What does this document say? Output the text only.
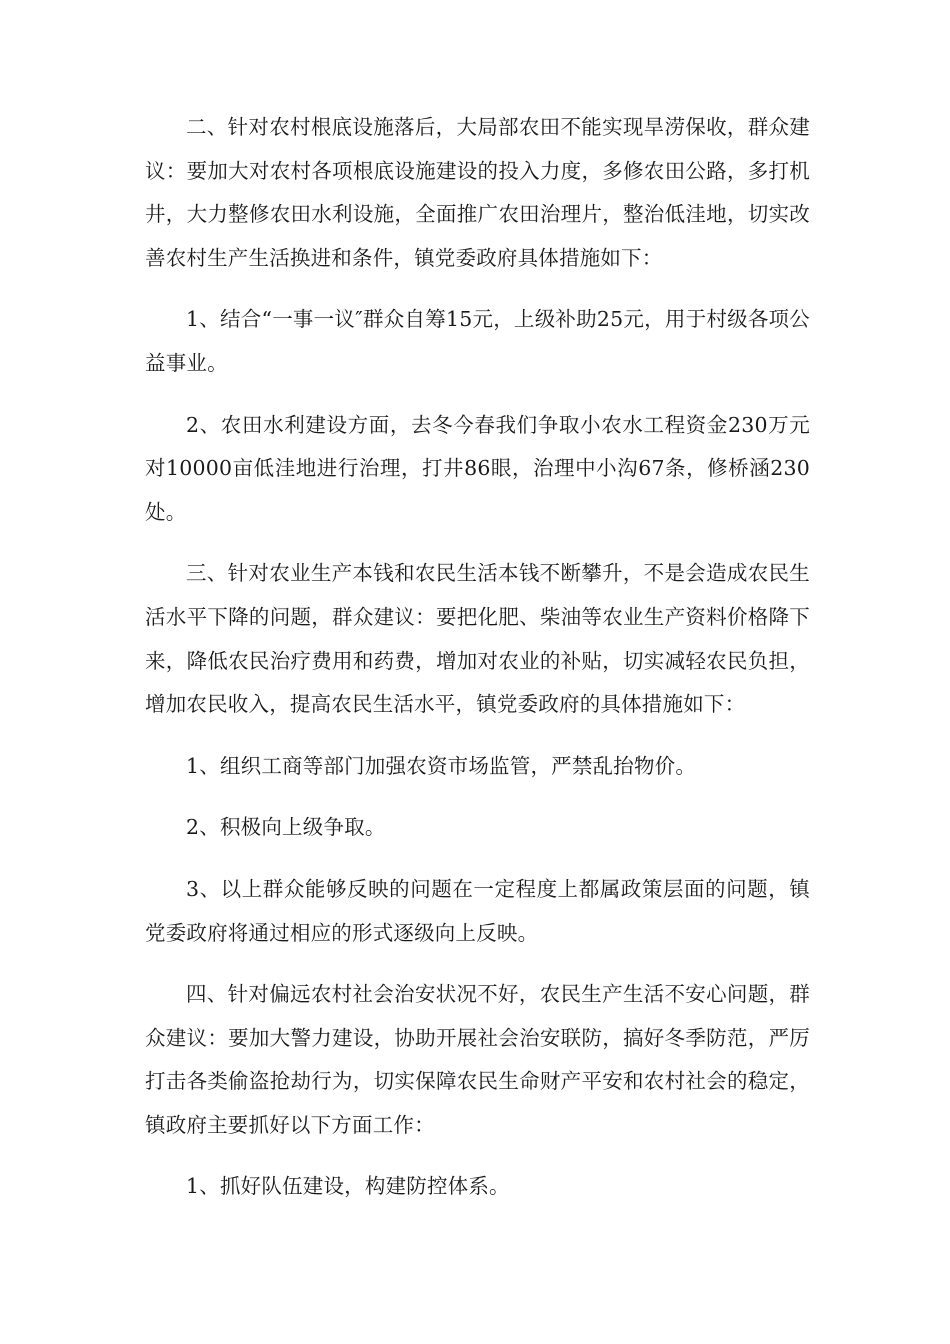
二、针对农村根底设施落后，大局部农田不能实现旱涝保收，群众建议：要加大对农村各项根底设施建设的投入力度，多修农田公路，多打机井，大力整修农田水利设施，全面推广农田治理片，整治低洼地，切实改善农村生产生活换进和条件，镇党委政府具体措施如下：

1、结合“一事一议″群众自筹15元，上级补助25元，用于村级各项公益事业。

2、农田水利建设方面，去冬今春我们争取小农水工程资金230万元对10000亩低洼地进行治理，打井86眼，治理中小沟67条，修桥涵230处。

三、针对农业生产本钱和农民生活本钱不断攀升，不是会造成农民生活水平下降的问题，群众建议：要把化肥、柴油等农业生产资料价格降下来，降低农民治疗费用和药费，增加对农业的补贴，切实减轻农民负担，增加农民收入，提高农民生活水平，镇党委政府的具体措施如下：

1、组织工商等部门加强农资市场监管，严禁乱抬物价。

2、积极向上级争取。

3、以上群众能够反映的问题在一定程度上都属政策层面的问题，镇党委政府将通过相应的形式逐级向上反映。

四、针对偏远农村社会治安状况不好，农民生产生活不安心问题，群众建议：要加大警力建设，协助开展社会治安联防，搞好冬季防范，严厉打击各类偷盗抢劫行为，切实保障农民生命财产平安和农村社会的稳定，镇政府主要抓好以下方面工作：

1、抓好队伍建设，构建防控体系。
